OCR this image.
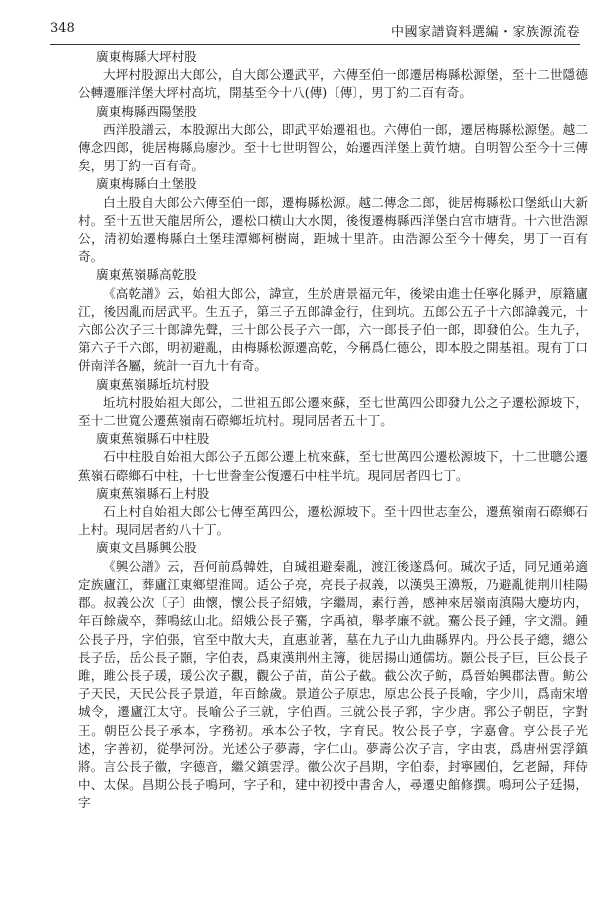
348	中國家譜資料選編・家族源流卷
廣東梅縣大坪村股
大坪村股源出大郎公，自大郎公遷武平，六傳至伯一郎遷居梅縣松源堡，至十二世隱德公轉遷雁洋堡大坪村高坑，開基至今十八(傳)〔傳〕，男丁約二百有奇。
廣東梅縣西陽堡股
西洋股譜云，本股源出大郎公，即武平始遷祖也。六傳伯一郎，遷居梅縣松源堡。越二傳念四郎，徙居梅縣烏廖沙。至十七世明智公，始遷西洋堡上黄竹塘。自明智公至今十三傳矣，男丁約一百有奇。
廣東梅縣白土堡股
白土股自大郎公六傳至伯一郎，遷梅縣松源。越二傳念二郎，徙居梅縣松口堡紙山大新村。至十五世天龍居所公，遷松口横山大水関，後復遷梅縣西洋堡白宫市塘背。十六世浩源公，清初始遷梅縣白土堡珪潭鄉柯樹崗，距城十里許。由浩源公至今十傳矣，男丁一百有奇。
廣東蕉嶺縣高乾股
《高乾譜》云，始祖大郎公，諱宣，生於唐景福元年，後梁由進士任寧化縣尹，原籍廬江，後因亂而居武平。生五子，第三子五郎諱金行，住到坑。五郎公五子十六郎諱義元，十六郎公次子三十郎諱先聲，三十郎公長子六一郎，六一郎長子伯一郎，即發伯公。生九子，第六子千六郎，明初避亂，由梅縣松源遷高乾，今稱爲仁德公，即本股之開基祖。現有丁口併南洋各屬，統計一百九十有奇。
廣東蕉嶺縣坵坑村股
坵坑村股始祖大郎公，二世祖五郎公遷來蘇，至七世萬四公即發九公之子遷松源坡下，至十二世寬公遷蕉嶺南石磜鄉坵坑村。現同居者五十丁。
廣東蕉嶺縣石中柱股
石中柱股自始祖大郎公子五郎公遷上杭來蘇，至七世萬四公遷松源坡下，十二世聰公遷蕉嶺石磜鄉石中柱，十七世誊奎公復遷石中柱半坑。現同居者四七丁。
廣東蕉嶺縣石上村股
石上村自始祖大郎公七傳至萬四公，遷松源坡下。至十四世志奎公，遷蕉嶺南石磜鄉石上村。現同居者約八十丁。
廣東文昌縣興公股
《興公譜》云，吾何前爲韓姓，自瑊祖避秦亂，渡江後遂爲何。瑊次子适，同兄通弟適定族廬江，葬廬江東鄉望淮岡。适公子亮，亮長子叔義，以漢吳王濞叛，乃避亂徙荆川桂陽郡。叔義公次〔子〕曲懷，懷公長子紹娥，字繼周，素行善，感神來居嶺南滇陽大慶坊内，年百餘歲卒，葬鳴絃山北。紹娥公長子騫，字禹禎，舉孝廉不就。騫公長子鍾，字文淵。鍾公長子丹，字伯張，官至中散大夫，直惠並著，墓在九子山九曲縣界内。丹公長子總，總公長子岳，岳公長子顥，字伯表，爲東漢荆州主簿，徙居揚山通儒坊。顥公長子巨，巨公長子雎，雎公長子瑗，瑗公次子觀，觀公子苗，苗公子截。截公次子鲂，爲晉始興郡法曹。鲂公子天民，天民公長子景道，年百餘歲。景道公子原忠，原忠公長子長喻，字少川，爲南宋增城令，遷廬江太守。長喻公子三就，字伯酉。三就公長子郛，字少唐。郛公子朝臣，字對王。朝臣公長子承本，字務初。承本公子牧，字育民。牧公長子亨，字嘉會。亨公長子光述，字善初，從學河汾。光述公子夢壽，字仁山。夢壽公次子言，字由衷，爲唐州雲浮鎮將。言公長子徽，字德音，繼父鎮雲浮。徽公次子昌期，字伯泰，封寧國伯，乞老歸，拜侍中、太保。昌期公長子鳴珂，字子和，建中初授中書舍人，尋遷史館修撰。鳴珂公子廷揚，字
